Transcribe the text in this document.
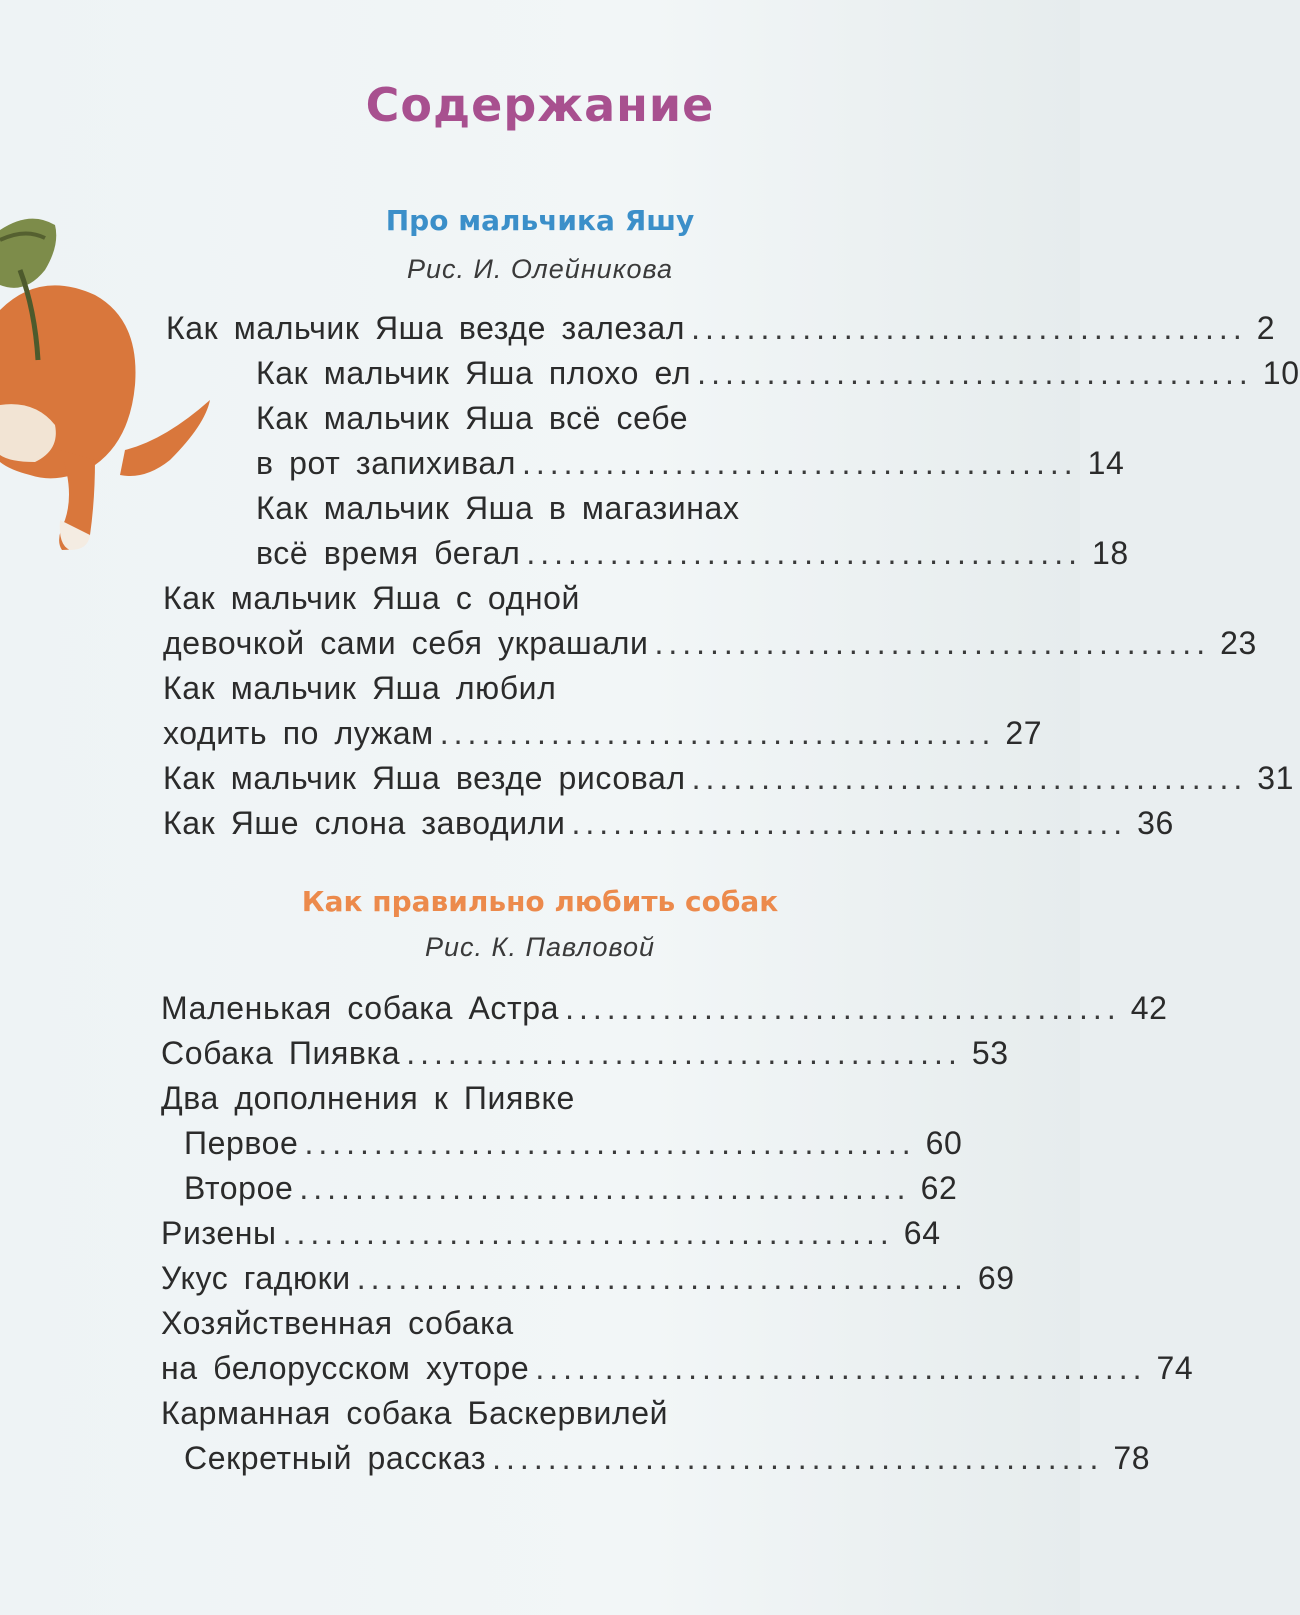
Содержание
Про мальчика Яшу
Рис. И. Олейникова
Как мальчик Яша везде залезал ........................................ 2
Как мальчик Яша плохо ел ........................................ 10
Как мальчик Яша всё себе
в рот запихивал ........................................ 14
Как мальчик Яша в магазинах
всё время бегал ........................................ 18
Как мальчик Яша с одной
девочкой сами себя украшали ........................................ 23
Как мальчик Яша любил
ходить по лужам ........................................ 27
Как мальчик Яша везде рисовал ........................................ 31
Как Яше слона заводили ........................................ 36
Как правильно любить собак
Рис. К. Павловой
Маленькая собака Астра ........................................ 42
Собака Пиявка ........................................ 53
Два дополнения к Пиявке
Первое ............................................ 60
Второе ............................................ 62
Ризены ............................................ 64
Укус гадюки ............................................ 69
Хозяйственная собака
на белорусском хуторе ............................................ 74
Карманная собака Баскервилей
Секретный рассказ ............................................ 78
